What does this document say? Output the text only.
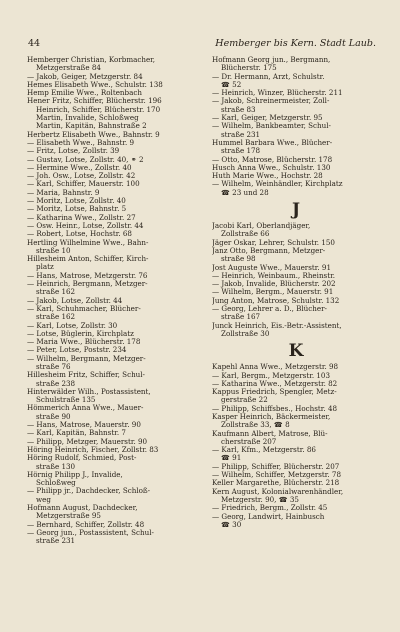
44	Hemberger bis Kern. Stadt Laub.
Hemberger Christian, Korbmacher,
Metzgerstraße 84
— Jakob, Geiger, Metzgerstr. 84
Hemes Elisabeth Wwe., Schulstr. 138
Hemp Emilie Wwe., Roltenbach
Hener Fritz, Schiffer, Blücherstr. 196
Heinrich, Schiffer, Blücherstr. 170
Martin, Invalide, Schloßweg
Martin, Kapitän, Bahnstraße 2
Herbertz Elisabeth Wwe., Bahnstr. 9
— Elisabeth Wwe., Bahnstr. 9
— Fritz, Lotse, Zollstr. 39
— Gustav, Lotse, Zollstr. 40, ⚭ 2
— Hermine Wwe., Zollstr. 40
— Joh. Osw., Lotse, Zollstr. 42
— Karl, Schiffer, Mauerstr. 100
— Maria, Bahnstr. 9
— Moritz, Lotse, Zollstr. 40
— Moritz, Lotse, Bahnstr. 5
— Katharina Wwe., Zollstr. 27
— Osw. Heinr., Lotse, Zollstr. 44
— Robert, Lotse, Hochstr. 68
Hertling Wilhelmine Wwe., Bahn-
straße 10
Hillesheim Anton, Schiffer, Kirch-
platz
— Hans, Matrose, Metzgerstr. 76
— Heinrich, Bergmann, Metzger-
straße 162
— Jakob, Lotse, Zollstr. 44
— Karl, Schuhmacher, Blücher-
straße 162
— Karl, Lotse, Zollstr. 30
— Lotse, Büglerin, Kirchplatz
— Maria Wwe., Blücherstr. 178
— Peter, Lotse, Poststr. 234
— Wilhelm, Bergmann, Metzger-
straße 76
Hillesheim Fritz, Schiffer, Schul-
straße 238
Hinterwälder Wilh., Postassistent,
Schulstraße 135
Hömmerich Anna Wwe., Mauer-
straße 90
— Hans, Matrose, Mauerstr. 90
— Karl, Kapitän, Bahnstr. 7
— Philipp, Metzger, Mauerstr. 90
Höring Heinrich, Fischer, Zollstr. 83
Höring Rudolf, Schmied, Post-
straße 130
Hörnig Philipp J., Invalide,
Schloßweg
— Philipp jr., Dachdecker, Schloß-
weg
Hofmann August, Dachdecker,
Metzgerstraße 95
— Bernhard, Schiffer, Zollstr. 48
— Georg jun., Postassistent, Schul-
straße 231
Hofmann Georg jun., Bergmann,
Blücherstr. 175
— Dr. Hermann, Arzt, Schulstr.
☎ 52
— Heinrich, Winzer, Blücherstr. 211
— Jakob, Schreinermeister, Zoll-
straße 83
— Karl, Geiger, Metzgerstr. 95
— Wilhelm, Bankbeamter, Schul-
straße 231
Hummel Barbara Wwe., Blücher-
straße 178
— Otto, Matrose, Blücherstr. 178
Husch Anna Wwe., Schulstr. 130
Huth Marie Wwe., Hochstr. 28
— Wilhelm, Weinhändler, Kirchplatz
☎ 23 und 28
J
Jacobi Karl, Oberlandjäger,
Zollstraße 66
Jäger Oskar, Lehrer, Schulstr. 150
Janz Otto, Bergmann, Metzger-
straße 98
Jost Auguste Wwe., Mauerstr. 91
— Heinrich, Weinbaum., Rheinstr.
— Jakob, Invalide, Blücherstr. 202
— Wilhelm, Bergm., Mauerstr. 91
Jung Anton, Matrose, Schulstr. 132
— Georg, Lehrer a. D., Blücher-
straße 167
Junck Heinrich, Eis.-Betr.-Assistent,
Zollstraße 30
K
Kapehl Anna Wwe., Metzgerstr. 98
— Karl, Bergm., Metzgerstr. 103
— Katharina Wwe., Metzgerstr. 82
Kappus Friedrich, Spengler, Metz-
gerstraße 22
— Philipp, Schiffsbes., Hochstr. 48
Kasper Heinrich, Bäckermeister,
Zollstraße 33, ☎ 8
Kaufmann Albert, Matrose, Blü-
cherstraße 207
— Karl, Kfm., Metzgerstr. 86
☎ 91
— Philipp, Schiffer, Blücherstr. 207
— Wilhelm, Schiffer, Metzgerstr. 78
Keller Margarethe, Blücherstr. 218
Kern August, Kolonialwarenhändler,
Metzgerstr. 90, ☎ 35
— Friedrich, Bergm., Zollstr. 45
— Georg, Landwirt, Hainbusch
☎ 30
